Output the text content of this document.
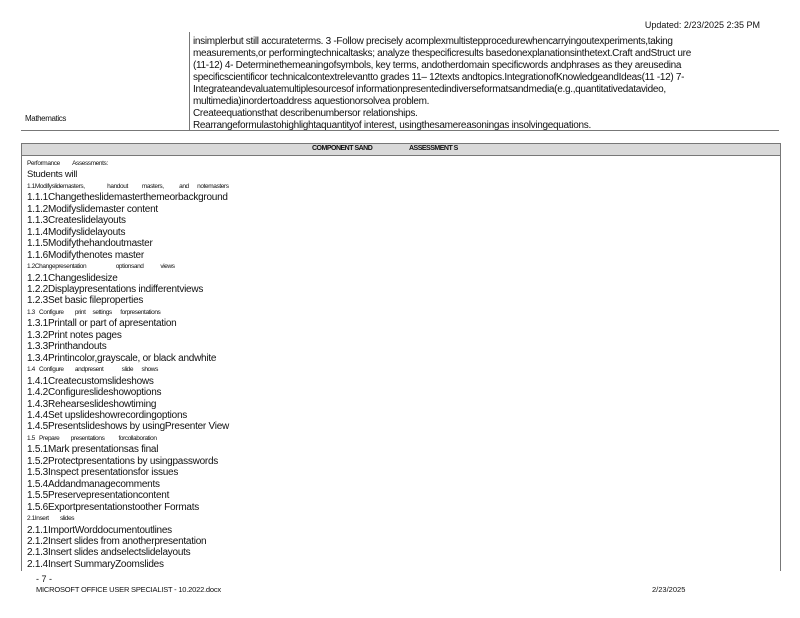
Updated: 2/23/2025 2:35 PM
Mathematics

insimplerbut still accurateterms. 3 -Follow precisely acomplexmultistepprocedurewhencarryingoutexperiments,taking

measurements,or performingtechnicaltasks; analyze thespecificresults basedonexplanationsinthetext.Craft andStruct ure

(11-12) 4- Determinethemeaningofsymbols, key terms, andotherdomain specificwords andphrases as they areusedina

specificscientificor technicalcontextrelevantto grades 11– 12texts andtopics.IntegrationofKnowledgeandIdeas(11 -12) 7-

Integrateandevaluatemultiplesourcesof informationpresentedindiverseformatsandmedia(e.g.,quantitativedatavideo,

multimedia)inordertoaddress aquestionorsolvea problem.

Createequationsthat describenumbersor relationships.

Rearrangeformulastohighlightaquantityof interest, usingthesamereasoningas insolvingequations.

COMPONENT SAND	ASSESSMENT S
Performance         Assessments:
Students will
1.1Modifyslidemasters,                handout          masters,           and      notemasters
1.1.1Changetheslidemasterthemeorbackground
1.1.2Modifyslidemaster content
1.1.3Createslidelayouts
1.1.4Modifyslidelayouts
1.1.5Modifythehandoutmaster
1.1.6Modifythenotes master
1.2Changepresentation                     optionsand            views
1.2.1Changeslidesize
1.2.2Displaypresentations indifferentviews
1.2.3Set basic fileproperties
1.3   Configure        print     settings      forpresentations
1.3.1Printall or part of apresentation
1.3.2Print notes pages
1.3.3Printhandouts
1.3.4Printincolor,grayscale, or black andwhite
1.4   Configure        andpresent             slide      shows
1.4.1Createcustomslideshows
1.4.2Configureslideshowoptions
1.4.3Rehearseslideshowtiming
1.4.4Set upslideshowrecordingoptions
1.4.5Presentslideshows by usingPresenter View
1.5   Prepare        presentations          forcollaboration
1.5.1Mark presentationsas final
1.5.2Protectpresentations by usingpasswords
1.5.3Inspect presentationsfor issues
1.5.4Addandmanagecomments
1.5.5Preservepresentationcontent
1.5.6Exportpresentationstoother Formats
2.1Insert        slides
2.1.1ImportWorddocumentoutlines
2.1.2Insert slides from anotherpresentation
2.1.3Insert slides andselectslidelayouts
2.1.4Insert SummaryZoomslides
- 7 -
MICROSOFT OFFICE USER SPECIALIST - 10.2022.docx	2/23/2025
